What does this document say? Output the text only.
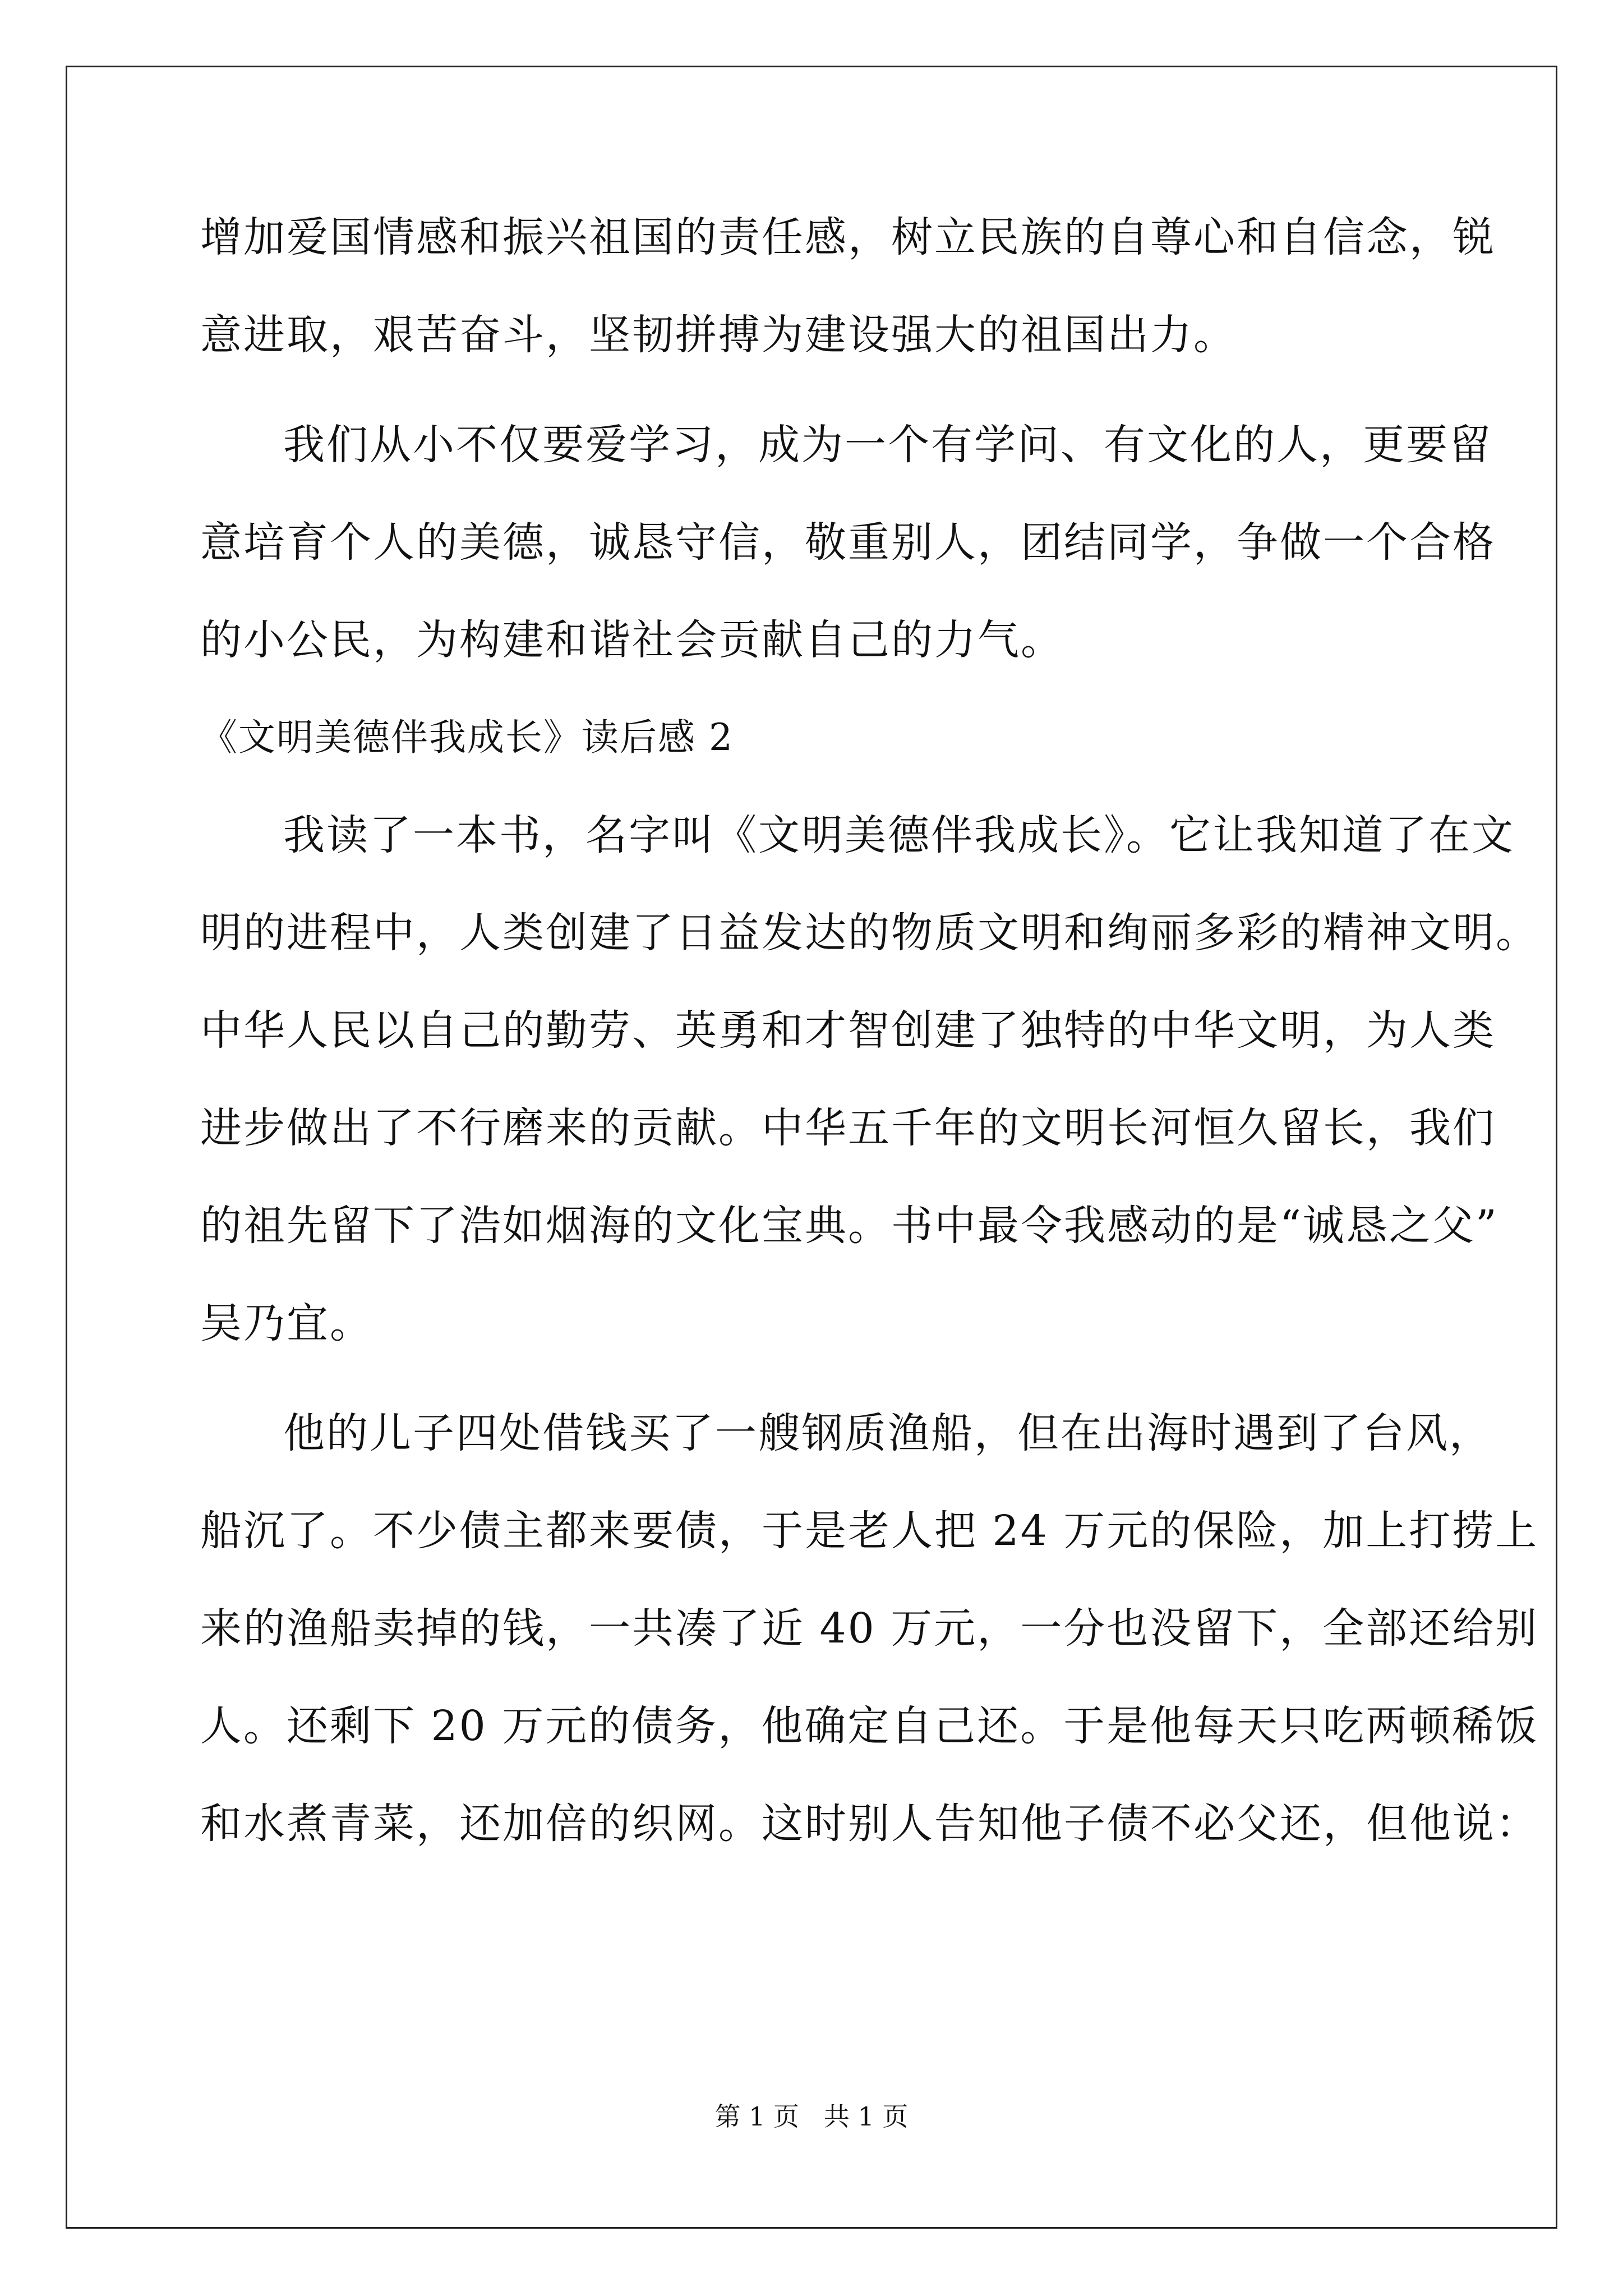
增加爱国情感和振兴祖国的责任感，树立民族的自尊心和自信念，锐
意进取，艰苦奋斗，坚韧拼搏为建设强大的祖国出力。
我们从小不仅要爱学习，成为一个有学问、有文化的人，更要留
意培育个人的美德，诚恳守信，敬重别人，团结同学，争做一个合格
的小公民，为构建和谐社会贡献自己的力气。
《文明美德伴我成长》读后感 2
我读了一本书，名字叫《文明美德伴我成长》。它让我知道了在文
明的进程中，人类创建了日益发达的物质文明和绚丽多彩的精神文明。
中华人民以自己的勤劳、英勇和才智创建了独特的中华文明，为人类
进步做出了不行磨来的贡献。中华五千年的文明长河恒久留长，我们
的祖先留下了浩如烟海的文化宝典。书中最令我感动的是“诚恳之父”
吴乃宜。
他的儿子四处借钱买了一艘钢质渔船，但在出海时遇到了台风，
船沉了。不少债主都来要债，于是老人把 24 万元的保险，加上打捞上
来的渔船卖掉的钱，一共凑了近 40 万元，一分也没留下，全部还给别
人。还剩下 20 万元的债务，他确定自己还。于是他每天只吃两顿稀饭
和水煮青菜，还加倍的织网。这时别人告知他子债不必父还，但他说：
第 1 页   共 1 页
